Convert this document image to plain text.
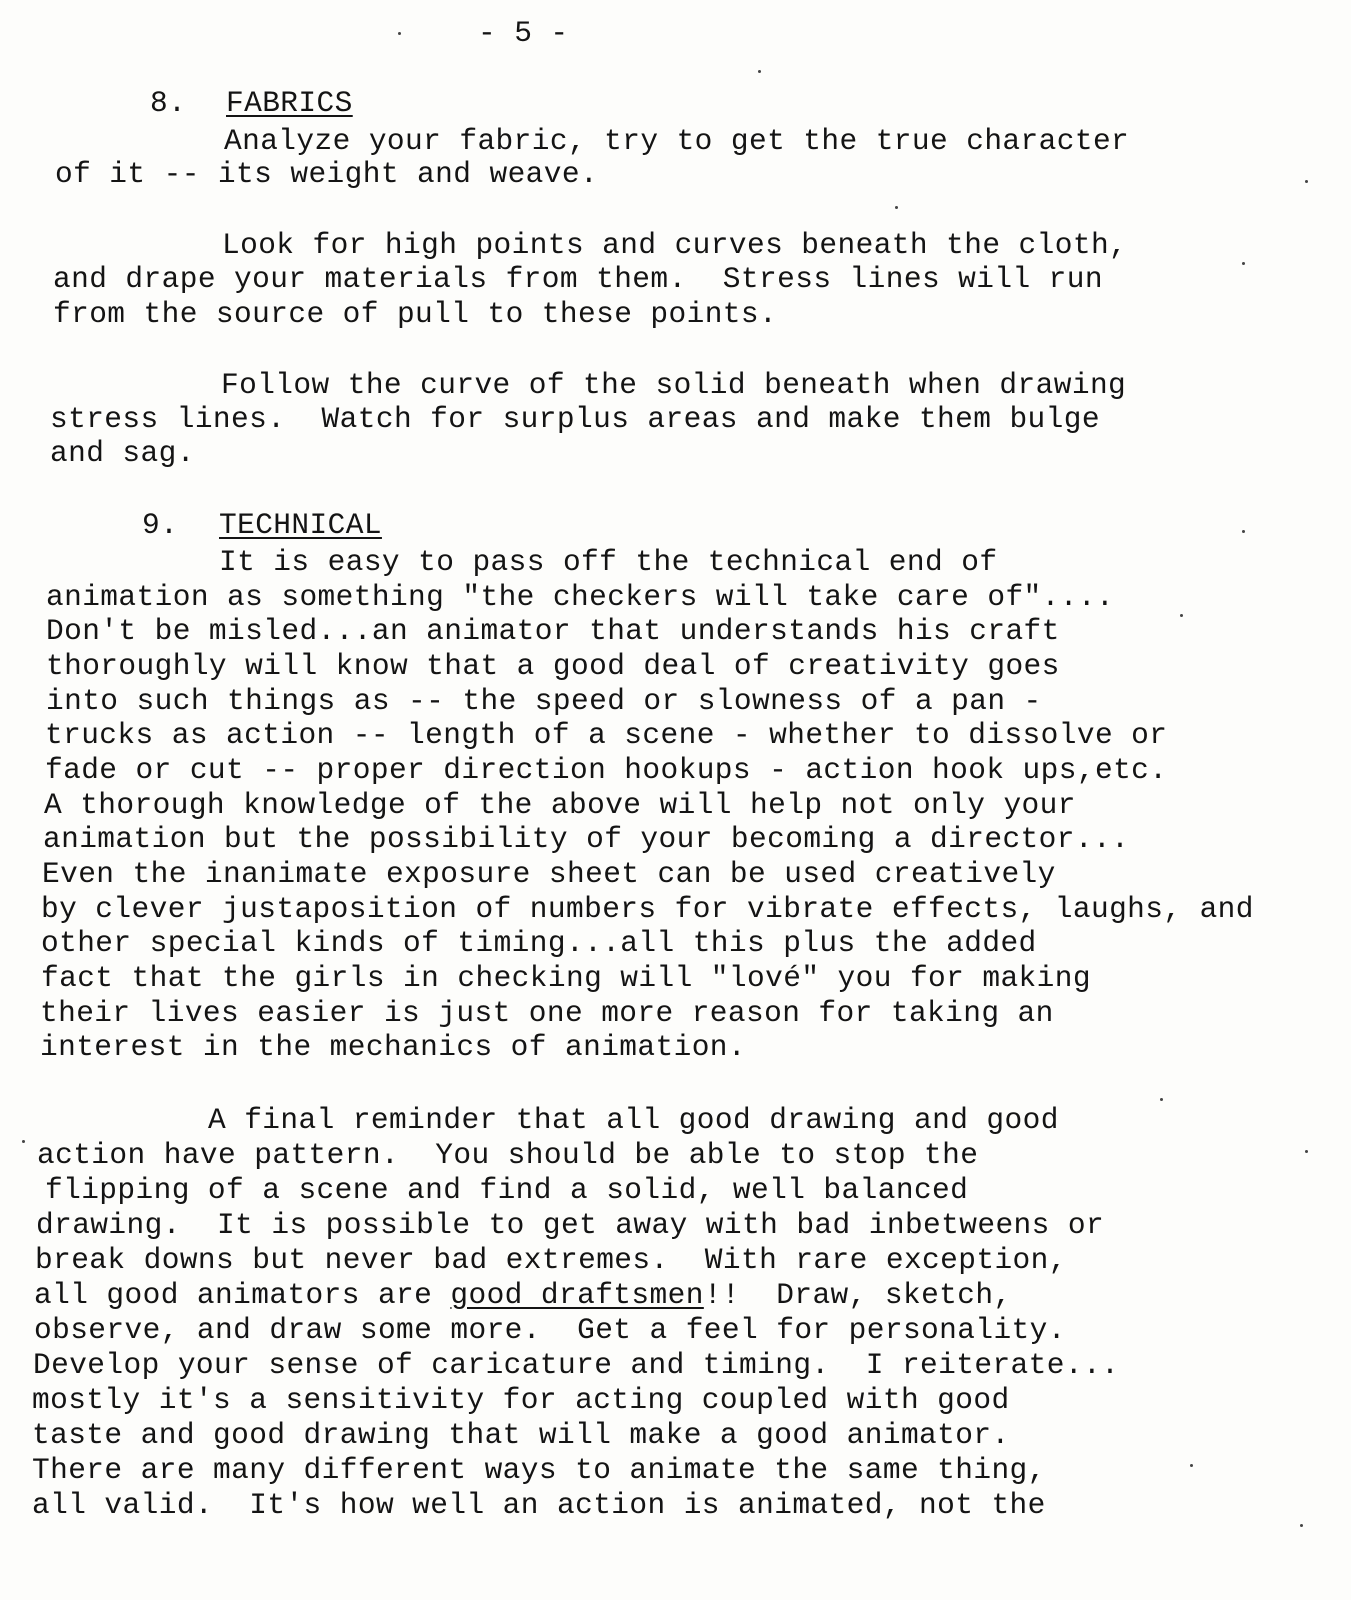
- 5 -
8. FABRICS
Analyze your fabric, try to get the true character
of it -- its weight and weave.
Look for high points and curves beneath the cloth,
and drape your materials from them.  Stress lines will run
from the source of pull to these points.
Follow the curve of the solid beneath when drawing
stress lines.  Watch for surplus areas and make them bulge
and sag.
9. TECHNICAL
It is easy to pass off the technical end of
animation as something "the checkers will take care of"....
Don't be misled...an animator that understands his craft
thoroughly will know that a good deal of creativity goes
into such things as -- the speed or slowness of a pan -
trucks as action -- length of a scene - whether to dissolve or
fade or cut -- proper direction hookups - action hook ups,etc.
A thorough knowledge of the above will help not only your
animation but the possibility of your becoming a director...
Even the inanimate exposure sheet can be used creatively
by clever justaposition of numbers for vibrate effects, laughs, and
other special kinds of timing...all this plus the added
fact that the girls in checking will "lové" you for making
their lives easier is just one more reason for taking an
interest in the mechanics of animation.
A final reminder that all good drawing and good
action have pattern.  You should be able to stop the
flipping of a scene and find a solid, well balanced
drawing.  It is possible to get away with bad inbetweens or
break downs but never bad extremes.  With rare exception,
all good animators are good draftsmen!!  Draw, sketch,
observe, and draw some more.  Get a feel for personality.
Develop your sense of caricature and timing.  I reiterate...
mostly it's a sensitivity for acting coupled with good
taste and good drawing that will make a good animator.
There are many different ways to animate the same thing,
all valid.  It's how well an action is animated, not the
